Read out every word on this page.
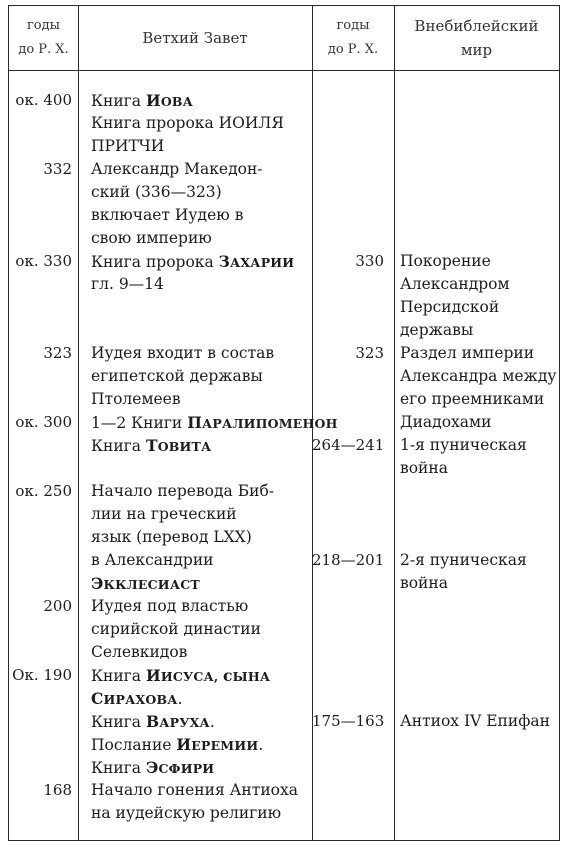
годы
до Р. Х.
Ветхий Завет
годы
до Р. Х.
Внебиблейский
мир
ок. 400 Книга ИОВА
Книга пророка ИОИЛЯ
ПРИТЧИ
332 Александр Македон-
ский (336—323)
включает Иудею в
свою империю
ок. 330 Книга пророка ЗАХАРИИ
гл. 9—14
323 Иудея входит в состав
египетской державы
Птолемеев
ок. 300 1—2 Книги ПАРАЛИПОМЕНОН
Книга ТОВИТА
ок. 250 Начало перевода Биб-
лии на греческий
язык (перевод LXX)
в Александрии
ЭККЛЕСИАСТ
200 Иудея под властью
сирийской династии
Селевкидов
Ок. 190 Книга ИИСУСА, сЫНА
СИРАХОВА.
Книга ВАРУХА.
Послание ИЕРЕМИИ.
Книга ЭСФИРИ
168 Начало гонения Антиоха
на иудейскую религию
330 Покорение
Александром
Персидской
державы
323 Раздел империи
Александра между
его преемниками
Диадохами
264—241 1-я пуническая
война
218—201 2-я пуническая
война
175—163 Антиох IV Епифан
